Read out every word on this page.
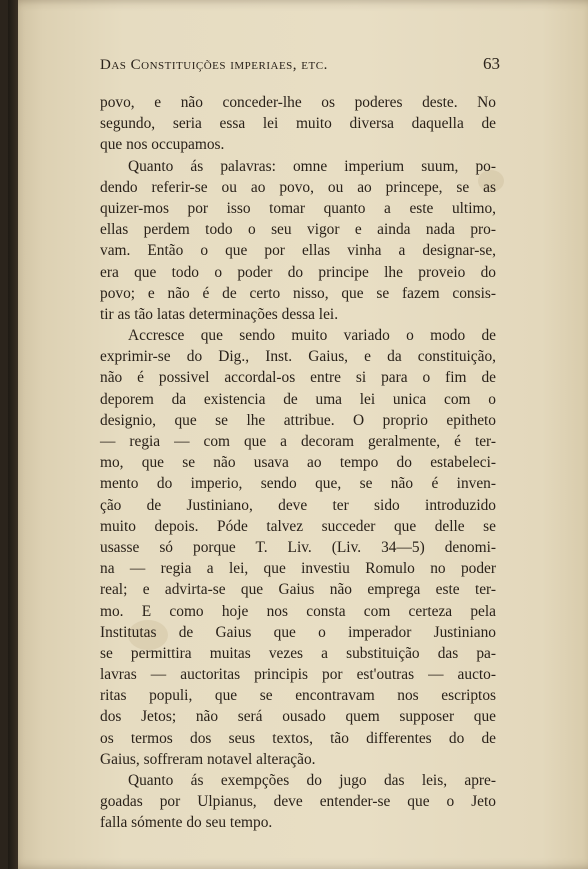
Das Constituições imperiaes, etc.	63
povo, e não conceder-lhe os poderes deste. No
segundo, seria essa lei muito diversa daquella de
que nos occupamos.
Quanto ás palavras: omne imperium suum, po-
dendo referir-se ou ao povo, ou ao princepe, se as
quizer-mos por isso tomar quanto a este ultimo,
ellas perdem todo o seu vigor e ainda nada pro-
vam. Então o que por ellas vinha a designar-se,
era que todo o poder do principe lhe proveio do
povo; e não é de certo nisso, que se fazem consis-
tir as tão latas determinações dessa lei.
Accresce que sendo muito variado o modo de
exprimir-se do Dig., Inst. Gaius, e da constituição,
não é possivel accordal-os entre si para o fim de
deporem da existencia de uma lei unica com o
designio, que se lhe attribue. O proprio epitheto
— regia — com que a decoram geralmente, é ter-
mo, que se não usava ao tempo do estabeleci-
mento do imperio, sendo que, se não é inven-
ção de Justiniano, deve ter sido introduzido
muito depois. Póde talvez succeder que delle se
usasse só porque T. Liv. (Liv. 34—5) denomi-
na — regia a lei, que investiu Romulo no poder
real; e advirta-se que Gaius não emprega este ter-
mo. E como hoje nos consta com certeza pela
Institutas de Gaius que o imperador Justiniano
se permittira muitas vezes a substituição das pa-
lavras — auctoritas principis por est'outras — aucto-
ritas populi, que se encontravam nos escriptos
dos Jetos; não será ousado quem supposer que
os termos dos seus textos, tão differentes do de
Gaius, soffreram notavel alteração.
Quanto ás exempções do jugo das leis, apre-
goadas por Ulpianus, deve entender-se que o Jeto
falla sómente do seu tempo.
